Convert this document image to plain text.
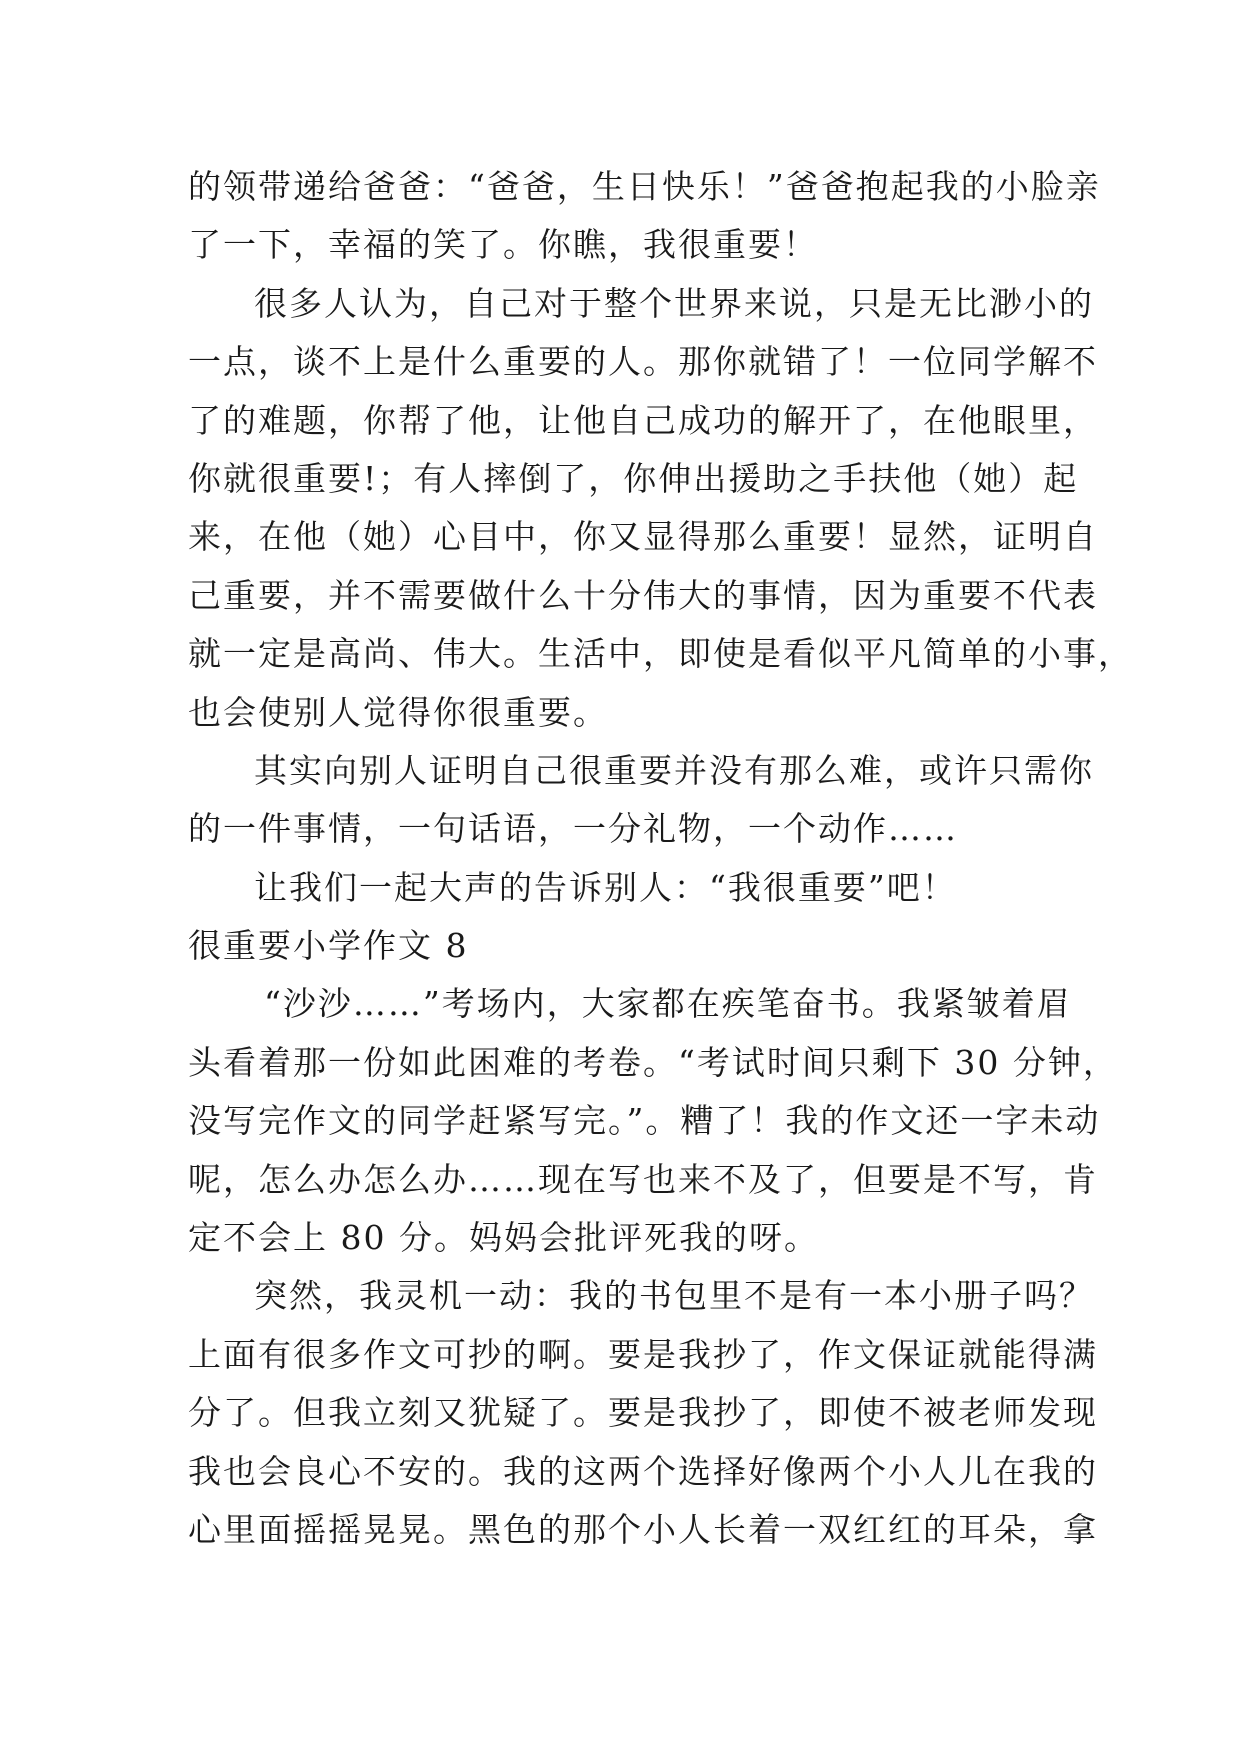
的领带递给爸爸：“爸爸，生日快乐！”爸爸抱起我的小脸亲
了一下，幸福的笑了。你瞧，我很重要！
很多人认为，自己对于整个世界来说，只是无比渺小的
一点，谈不上是什么重要的人。那你就错了！一位同学解不
了的难题，你帮了他，让他自己成功的解开了，在他眼里，
你就很重要!；有人摔倒了，你伸出援助之手扶他（她）起
来，在他（她）心目中，你又显得那么重要！显然，证明自
己重要，并不需要做什么十分伟大的事情，因为重要不代表
就一定是高尚、伟大。生活中，即使是看似平凡简单的小事，
也会使别人觉得你很重要。
其实向别人证明自己很重要并没有那么难，或许只需你
的一件事情，一句话语，一分礼物，一个动作……
让我们一起大声的告诉别人：“我很重要”吧！
很重要小学作文 8
“沙沙……”考场内，大家都在疾笔奋书。我紧皱着眉
头看着那一份如此困难的考卷。“考试时间只剩下 30 分钟，
没写完作文的同学赶紧写完。”。糟了！我的作文还一字未动
呢，怎么办怎么办……现在写也来不及了，但要是不写，肯
定不会上 80 分。妈妈会批评死我的呀。
突然，我灵机一动：我的书包里不是有一本小册子吗？
上面有很多作文可抄的啊。要是我抄了，作文保证就能得满
分了。但我立刻又犹疑了。要是我抄了，即使不被老师发现
我也会良心不安的。我的这两个选择好像两个小人儿在我的
心里面摇摇晃晃。黑色的那个小人长着一双红红的耳朵，拿
